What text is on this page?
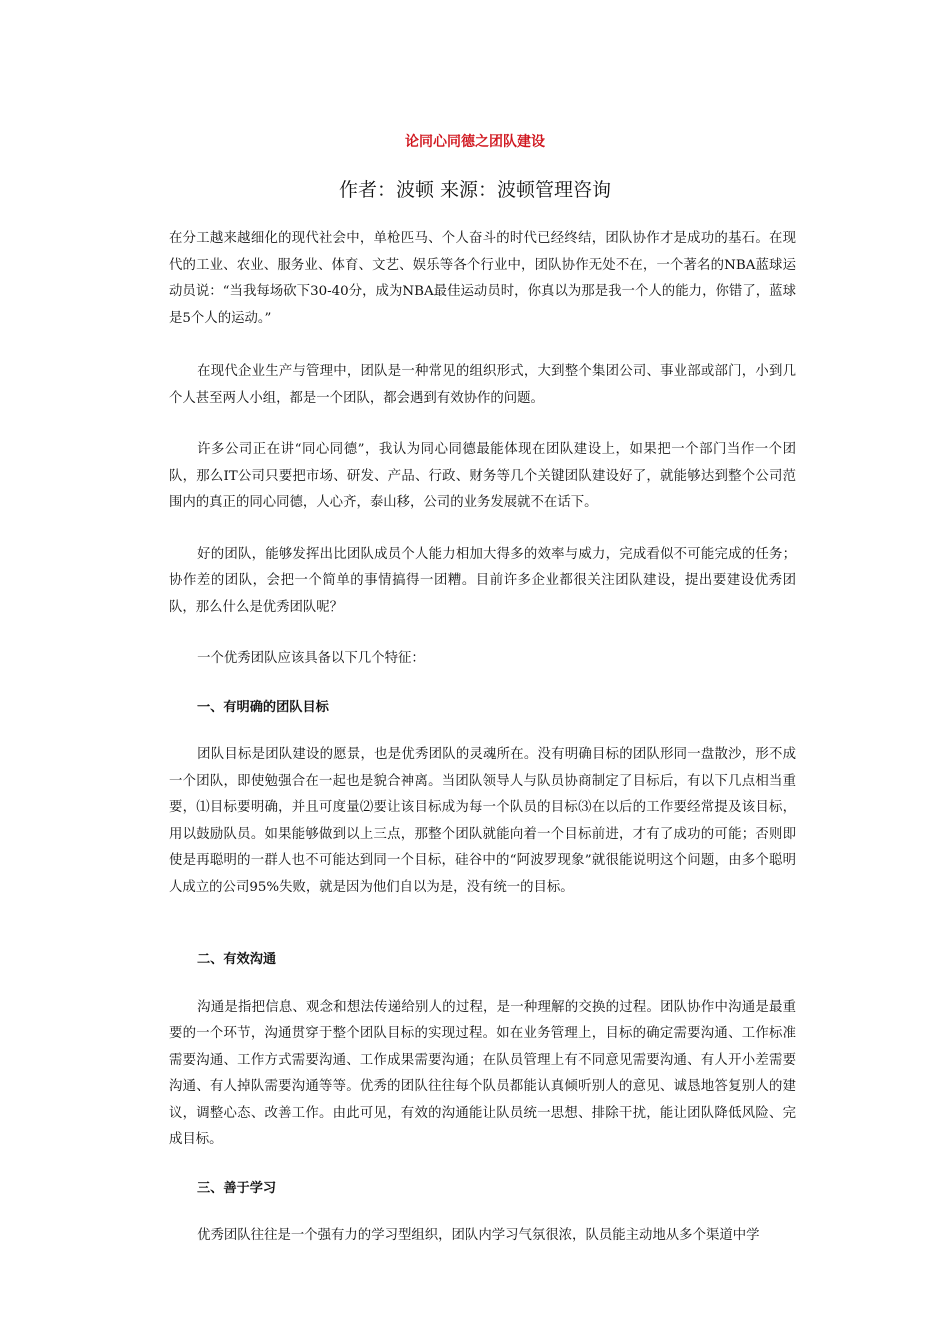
论同心同德之团队建设
作者：波顿 来源：波顿管理咨询

在分工越来越细化的现代社会中，单枪匹马、个人奋斗的时代已经终结，团队协作才是成功的基石。在现代的工业、农业、服务业、体育、文艺、娱乐等各个行业中，团队协作无处不在，一个著名的NBA蓝球运动员说：“当我每场砍下30-40分，成为NBA最佳运动员时，你真以为那是我一个人的能力，你错了，蓝球是5个人的运动。”

在现代企业生产与管理中，团队是一种常见的组织形式，大到整个集团公司、事业部或部门，小到几个人甚至两人小组，都是一个团队，都会遇到有效协作的问题。

许多公司正在讲“同心同德”，我认为同心同德最能体现在团队建设上，如果把一个部门当作一个团队，那么IT公司只要把市场、研发、产品、行政、财务等几个关键团队建设好了，就能够达到整个公司范围内的真正的同心同德，人心齐，泰山移，公司的业务发展就不在话下。

好的团队，能够发挥出比团队成员个人能力相加大得多的效率与威力，完成看似不可能完成的任务；协作差的团队，会把一个简单的事情搞得一团糟。目前许多企业都很关注团队建设，提出要建设优秀团队，那么什么是优秀团队呢？

一个优秀团队应该具备以下几个特征：

一、有明确的团队目标

团队目标是团队建设的愿景，也是优秀团队的灵魂所在。没有明确目标的团队形同一盘散沙，形不成一个团队，即使勉强合在一起也是貌合神离。当团队领导人与队员协商制定了目标后，有以下几点相当重要，⑴目标要明确，并且可度量⑵要让该目标成为每一个队员的目标⑶在以后的工作要经常提及该目标，用以鼓励队员。如果能够做到以上三点，那整个团队就能向着一个目标前进，才有了成功的可能；否则即使是再聪明的一群人也不可能达到同一个目标，硅谷中的“阿波罗现象”就很能说明这个问题，由多个聪明人成立的公司95%失败，就是因为他们自以为是，没有统一的目标。

二、有效沟通

沟通是指把信息、观念和想法传递给别人的过程，是一种理解的交换的过程。团队协作中沟通是最重要的一个环节，沟通贯穿于整个团队目标的实现过程。如在业务管理上，目标的确定需要沟通、工作标准需要沟通、工作方式需要沟通、工作成果需要沟通；在队员管理上有不同意见需要沟通、有人开小差需要沟通、有人掉队需要沟通等等。优秀的团队往往每个队员都能认真倾听别人的意见、诚恳地答复别人的建议，调整心态、改善工作。由此可见，有效的沟通能让队员统一思想、排除干扰，能让团队降低风险、完成目标。

三、善于学习

优秀团队往往是一个强有力的学习型组织，团队内学习气氛很浓，队员能主动地从多个渠道中学
